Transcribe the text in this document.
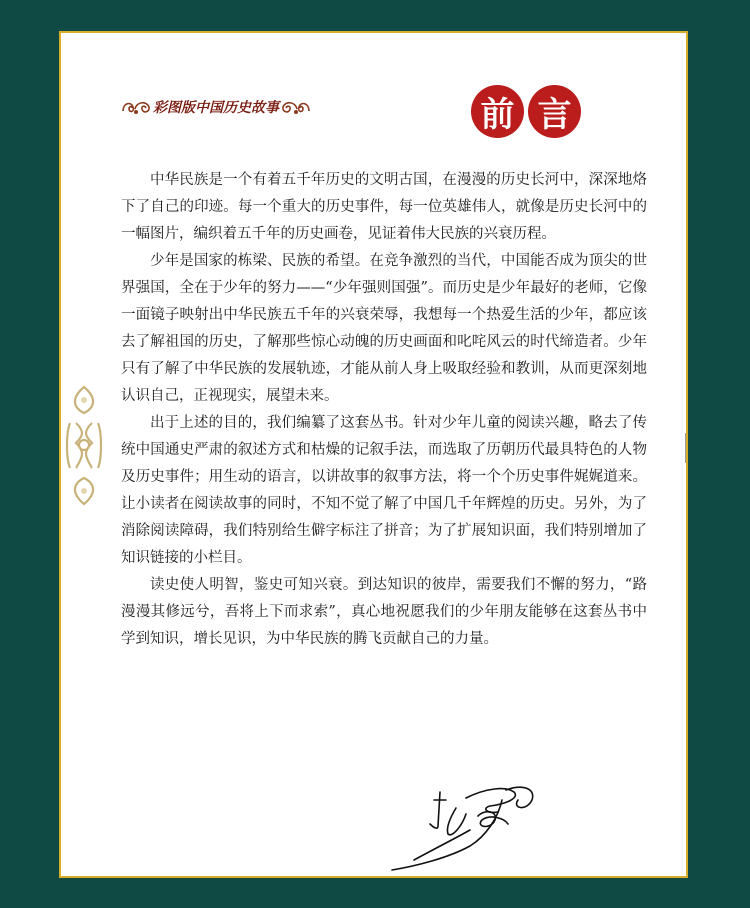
彩图版中国历史故事	前 言

中华民族是一个有着五千年历史的文明古国，在漫漫的历史长河中，深深地烙下了自己的印迹。每一个重大的历史事件，每一位英雄伟人，就像是历史长河中的一幅图片，编织着五千年的历史画卷，见证着伟大民族的兴衰历程。

少年是国家的栋梁、民族的希望。在竞争激烈的当代，中国能否成为顶尖的世界强国，全在于少年的努力——“少年强则国强”。而历史是少年最好的老师，它像一面镜子映射出中华民族五千年的兴衰荣辱，我想每一个热爱生活的少年，都应该去了解祖国的历史，了解那些惊心动魄的历史画面和叱咤风云的时代缔造者。少年只有了解了中华民族的发展轨迹，才能从前人身上吸取经验和教训，从而更深刻地认识自己，正视现实，展望未来。

出于上述的目的，我们编纂了这套丛书。针对少年儿童的阅读兴趣，略去了传统中国通史严肃的叙述方式和枯燥的记叙手法，而选取了历朝历代最具特色的人物及历史事件；用生动的语言，以讲故事的叙事方法，将一个个历史事件娓娓道来。让小读者在阅读故事的同时，不知不觉了解了中国几千年辉煌的历史。另外，为了消除阅读障碍，我们特别给生僻字标注了拼音；为了扩展知识面，我们特别增加了知识链接的小栏目。

读史使人明智，鉴史可知兴衰。到达知识的彼岸，需要我们不懈的努力，“路漫漫其修远兮，吾将上下而求索”，真心地祝愿我们的少年朋友能够在这套丛书中学到知识，增长见识，为中华民族的腾飞贡献自己的力量。
